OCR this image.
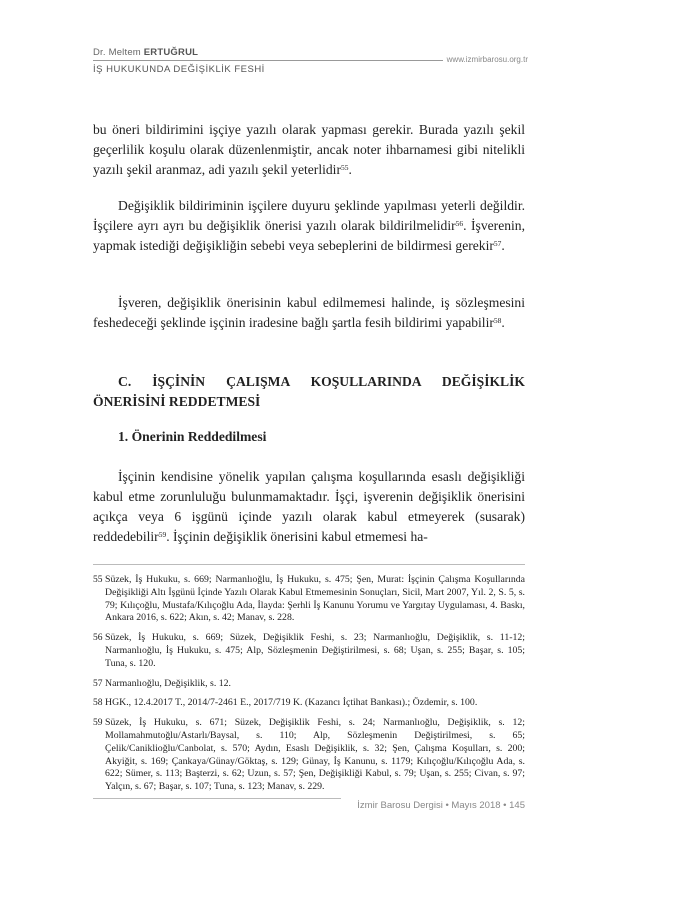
Dr. Meltem ERTUĞRUL
İŞ HUKUKUNDA DEĞİŞİKLİK FESHİ
www.izmirbarosu.org.tr

bu öneri bildirimini işçiye yazılı olarak yapması gerekir. Burada yazılı şekil geçerlilik koşulu olarak düzenlenmiştir, ancak noter ihbarnamesi gibi nitelikli yazılı şekil aranmaz, adi yazılı şekil yeterlidir$^{55}$.

Değişiklik bildiriminin işçilere duyuru şeklinde yapılması yeterli değildir. İşçilere ayrı ayrı bu değişiklik önerisi yazılı olarak bildirilmelidir$^{56}$. İşverenin, yapmak istediği değişikliğin sebebi veya sebeplerini de bildirmesi gerekir$^{57}$.

İşveren, değişiklik önerisinin kabul edilmemesi halinde, iş sözleşmesini feshedeceği şeklinde işçinin iradesine bağlı şartla fesih bildirimi yapabilir$^{58}$.

C. İŞÇİNİN ÇALIŞMA KOŞULLARINDA DEĞİŞİKLİK
ÖNERİSİNİ REDDETMESİ
1. Önerinin Reddedilmesi

İşçinin kendisine yönelik yapılan çalışma koşullarında esaslı değişikliği kabul etme zorunluluğu bulunmamaktadır. İşçi, işverenin değişiklik önerisini açıkça veya 6 işgünü içinde yazılı olarak kabul etmeyerek (susarak) reddedebilir$^{59}$. İşçinin değişiklik önerisini kabul etmemesi ha-

55 Süzek, İş Hukuku, s. 669; Narmanlıoğlu, İş Hukuku, s. 475; Şen, Murat: İşçinin Çalışma Koşullarında Değişikliği Altı İşgünü İçinde Yazılı Olarak Kabul Etmemesinin Sonuçları, Sicil, Mart 2007, Yıl. 2, S. 5, s. 79; Kılıçoğlu, Mustafa/Kılıçoğlu Ada, İlayda: Şerhli İş Kanunu Yorumu ve Yargıtay Uygulaması, 4. Baskı, Ankara 2016, s. 622; Akın, s. 42; Manav, s. 228.
56 Süzek, İş Hukuku, s. 669; Süzek, Değişiklik Feshi, s. 23; Narmanlıoğlu, Değişiklik, s. 11-12; Narmanlıoğlu, İş Hukuku, s. 475; Alp, Sözleşmenin Değiştirilmesi, s. 68; Uşan, s. 255; Başar, s. 105; Tuna, s. 120.
57 Narmanlıoğlu, Değişiklik, s. 12.
58 HGK., 12.4.2017 T., 2014/7-2461 E., 2017/719 K. (Kazancı İçtihat Bankası).; Özdemir, s. 100.
59 Süzek, İş Hukuku, s. 671; Süzek, Değişiklik Feshi, s. 24; Narmanlıoğlu, Değişiklik, s. 12; Mollamahmutoğlu/Astarlı/Baysal, s. 110; Alp, Sözleşmenin Değiştirilmesi, s. 65; Çelik/Caniklioğlu/Canbolat, s. 570; Aydın, Esaslı Değişiklik, s. 32; Şen, Çalışma Koşulları, s. 200; Akyiğit, s. 169; Çankaya/Günay/Göktaş, s. 129; Günay, İş Kanunu, s. 1179; Kılıçoğlu/Kılıçoğlu Ada, s. 622; Sümer, s. 113; Başterzi, s. 62; Uzun, s. 57; Şen, Değişikliği Kabul, s. 79; Uşan, s. 255; Civan, s. 97; Yalçın, s. 67; Başar, s. 107; Tuna, s. 123; Manav, s. 229.
İzmir Barosu Dergisi • Mayıs 2018 • 145
